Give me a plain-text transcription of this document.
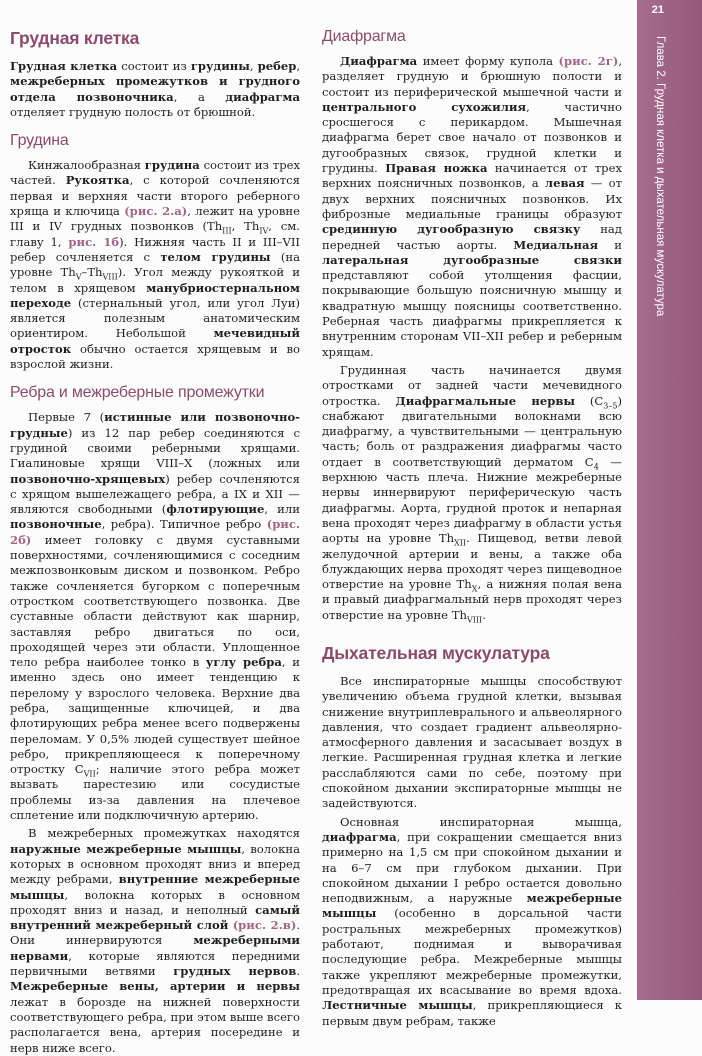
21
Глава 2. Грудная клетка и дыхательная мускулатура
Грудная клетка

Грудная клетка состоит из грудины, ребер, межреберных промежутков и грудного отдела позвоночника, а диафрагма отделяет грудную полость от брюшной.

Грудина

Кинжалообразная грудина состоит из трех частей. Рукоятка, с которой сочленяются первая и верхняя части второго реберного хряща и ключица (рис. 2.а), лежит на уровне III и IV грудных позвонков ($Th_{III}$, $Th_{IV}$, см. главу 1, рис. 1б). Нижняя часть II и III–VII ребер сочленяется с телом грудины (на уровне $Th_V-Th_{VIII}$). Угол между рукояткой и телом в хрящевом манубриостернальном переходе (стернальный угол, или угол Луи) является полезным анатомическим ориентиром. Небольшой мечевидный отросток обычно остается хрящевым и во взрослой жизни.

Ребра и межреберные промежутки

Первые 7 (истинные или позвоночно-грудные) из 12 пар ребер соединяются с грудиной своими реберными хрящами. Гиалиновые хрящи VIII–X (ложных или позвоночно-хрящевых) ребер сочленяются с хрящом вышележащего ребра, а IX и XII — являются свободными (флотирующие, или позвоночные, ребра). Типичное ребро (рис. 2б) имеет головку с двумя суставными поверхностями, сочленяющимися с соседним межпозвонковым диском и позвонком. Ребро также сочленяется бугорком с поперечным отростком соответствующего позвонка. Две суставные области действуют как шарнир, заставляя ребро двигаться по оси, проходящей через эти области. Уплощенное тело ребра наиболее тонко в углу ребра, и именно здесь оно имеет тенденцию к перелому у взрослого человека. Верхние два ребра, защищенные ключицей, и два флотирующих ребра менее всего подвержены переломам. У 0,5% людей существует шейное ребро, прикрепляющееся к поперечному отростку $C_{VII}$; наличие этого ребра может вызвать парестезию или сосудистые проблемы из-за давления на плечевое сплетение или подключичную артерию.

В межреберных промежутках находятся наружные межреберные мышцы, волокна которых в основном проходят вниз и вперед между ребрами, внутренние межреберные мышцы, волокна которых в основном проходят вниз и назад, и неполный самый внутренний межреберный слой (рис. 2.в). Они иннервируются межреберными нервами, которые являются передними первичными ветвями грудных нервов. Межреберные вены, артерии и нервы лежат в борозде на нижней поверхности соответствующего ребра, при этом выше всего располагается вена, артерия посередине и нерв ниже всего.

Диафрагма

Диафрагма имеет форму купола (рис. 2г), разделяет грудную и брюшную полости и состоит из периферической мышечной части и центрального сухожилия, частично сросшегося с перикардом. Мышечная диафрагма берет свое начало от позвонков и дугообразных связок, грудной клетки и грудины. Правая ножка начинается от трех верхних поясничных позвонков, а левая — от двух верхних поясничных позвонков. Их фиброзные медиальные границы образуют срединную дугообразную связку над передней частью аорты. Медиальная и латеральная дугообразные связки представляют собой утолщения фасции, покрывающие большую поясничную мышцу и квадратную мышцу поясницы соответственно. Реберная часть диафрагмы прикрепляется к внутренним сторонам VII–XII ребер и реберным хрящам.

Грудинная часть начинается двумя отростками от задней части мечевидного отростка. Диафрагмальные нервы $(C_{3-5})$ снабжают двигательными волокнами всю диафрагму, а чувствительными — центральную часть; боль от раздражения диафрагмы часто отдает в соответствующий дерматом $C_4$ — верхнюю часть плеча. Нижние межреберные нервы иннервируют периферическую часть диафрагмы. Аорта, грудной проток и непарная вена проходят через диафрагму в области устья аорты на уровне $Th_{XII}$. Пищевод, ветви левой желудочной артерии и вены, а также оба блуждающих нерва проходят через пищеводное отверстие на уровне $Th_X$, а нижняя полая вена и правый диафрагмальный нерв проходят через отверстие на уровне $Th_{VIII}$.

Дыхательная мускулатура

Все инспираторные мышцы способствуют увеличению объема грудной клетки, вызывая снижение внутриплеврального и альвеолярного давления, что создает градиент альвеолярно-атмосферного давления и засасывает воздух в легкие. Расширенная грудная клетка и легкие расслабляются сами по себе, поэтому при спокойном дыхании экспираторные мышцы не задействуются.

Основная инспираторная мышца, диафрагма, при сокращении смещается вниз примерно на 1,5 см при спокойном дыхании и на 6–7 см при глубоком дыхании. При спокойном дыхании I ребро остается довольно неподвижным, а наружные межреберные мышцы (особенно в дорсальной части ростральных межреберных промежутков) работают, поднимая и выворачивая последующие ребра. Межреберные мышцы также укрепляют межреберные промежутки, предотвращая их всасывание во время вдоха. Лестничные мышцы, прикрепляющиеся к первым двум ребрам, также
